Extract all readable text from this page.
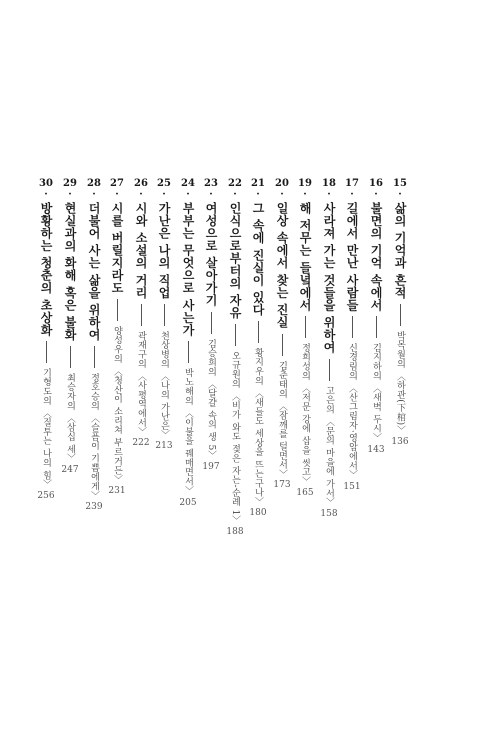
15
·
삶의 기억과 흔적
박목월의 〈하관(下棺)〉
136
16
·
불면의 기억 속에서
김지하의 〈새벽 두시〉
143
17
·
길에서 만난 사람들
신경림의 〈산그림자·영암에서〉
151
18
·
사라져 가는 것들을 위하여
고은의 〈문의 마을에 가서〉
158
19
·
해 저무는 들녘에서
정희성의 〈저문 강에 삽을 씻고〉
165
20
·
일상 속에서 찾는 진실
김춘태의 〈잠깨를 털면서〉
173
21
·
그 속에 진실이 있다
황지우의 〈새들도 세상을 뜨는구나〉
180
22
·
인식으로부터의 자유
오규원의 〈비가 와도 젖은 자는-순례 1〉
188
23
·
여성으로 살아가기
김승희의 〈달걀 속의 생 5〉
197
24
·
부부는 무엇으로 사는가
박노해의 〈이불을 꿰매면서〉
205
25
·
가난은 나의 직업
천상병의 〈나의 가난은〉
213
26
·
시와 소설의 거리
곽재구의 〈사평역에서〉
222
27
·
시를 버릴지라도
양성우의 〈청산이 소리쳐 부르거든〉
231
28
·
더불어 사는 삶을 위하여
정호승의 〈슬픔이 기쁨에게〉
239
29
·
현실과의 화해 혹은 불화
최승자의 〈삼십 세〉
247
30
·
방황하는 청춘의 초상화
기형도의 〈질투는 나의 힘〉
256
